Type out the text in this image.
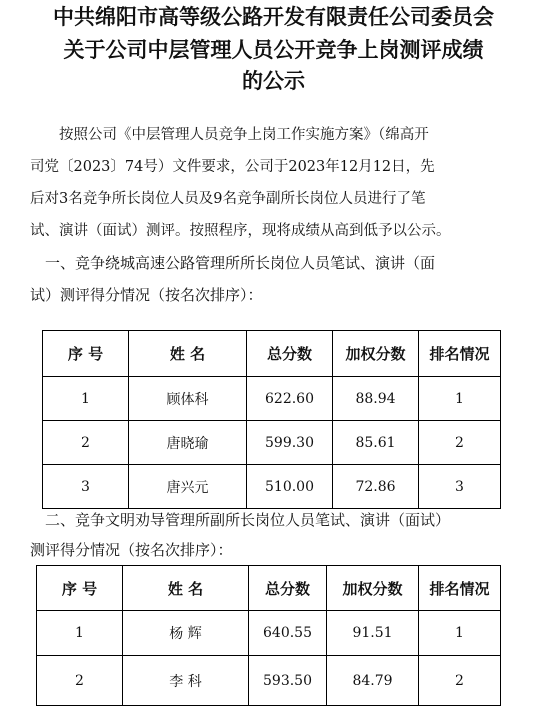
中共绵阳市高等级公路开发有限责任公司委员会
关于公司中层管理人员公开竞争上岗测评成绩
的公示
　　按照公司《中层管理人员竞争上岗工作实施方案》（绵高开
司党〔2023〕74号）文件要求，公司于2023年12月12日，先
后对3名竞争所长岗位人员及9名竞争副所长岗位人员进行了笔
试、演讲（面试）测评。按照程序，现将成绩从高到低予以公示。
　一、竞争绕城高速公路管理所所长岗位人员笔试、演讲（面
试）测评得分情况（按名次排序）：
序 号	姓 名	总分数	加权分数	排名情况
1	顾体科	622.60	88.94	1
2	唐晓瑜	599.30	85.61	2
3	唐兴元	510.00	72.86	3
　二、竞争文明劝导管理所副所长岗位人员笔试、演讲（面试）
测评得分情况（按名次排序）：
序 号	姓 名	总分数	加权分数	排名情况
1	杨 辉	640.55	91.51	1
2	李 科	593.50	84.79	2
